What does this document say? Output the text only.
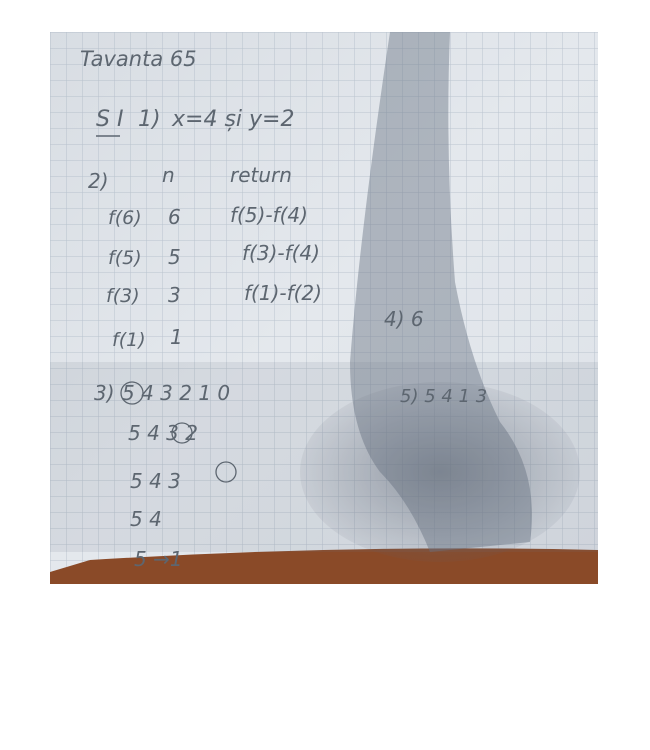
Tavanta 65
S I 1) x=4 și y=2
2)	n	return
f(6) 6 f(5)-f(4)
f(5) 5	f(3)-f(4)
f(3) 3	f(1)-f(2)
f(1) 1
4) 6
3) 5 4 3 2 1 0
5 4 3 2
5 4 3
5 4
5 →1
5) 5 4 1 3
